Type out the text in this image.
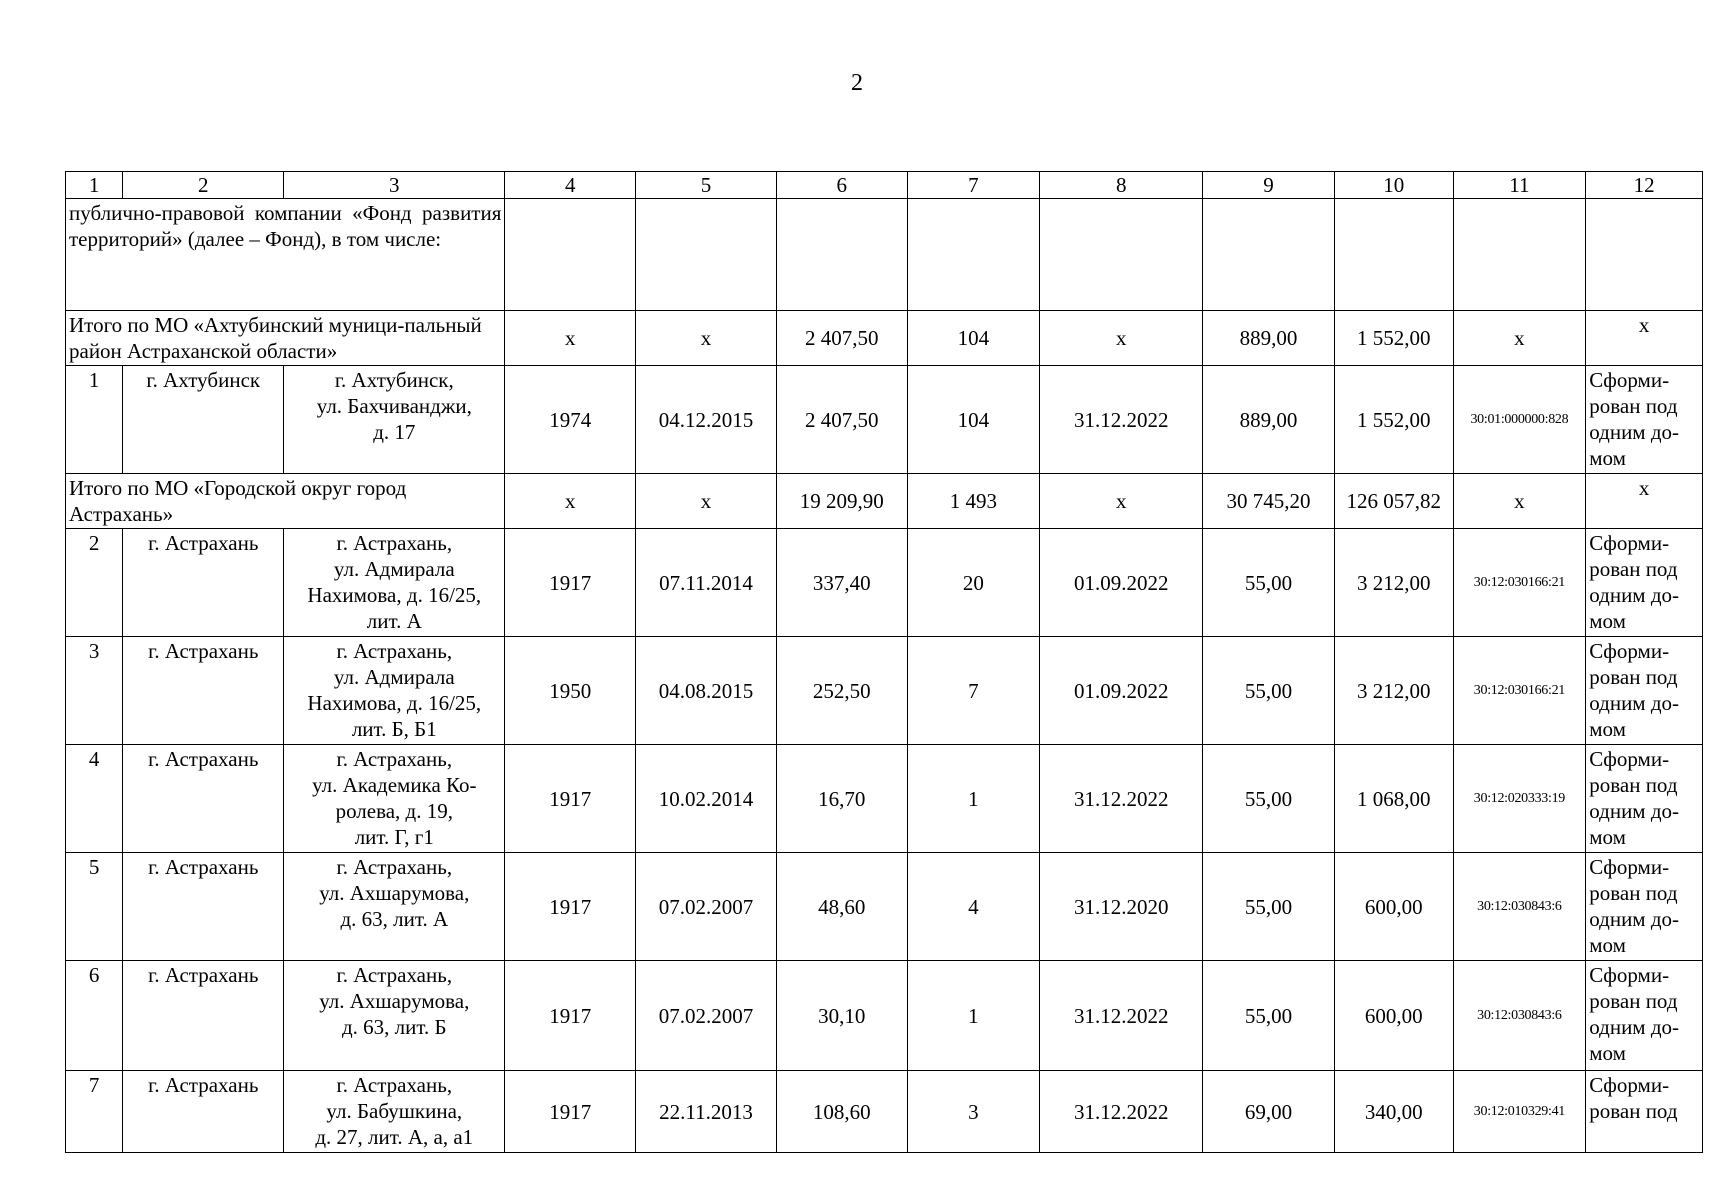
2
1	2	3	4	5	6	7	8	9	10	11	12
публично-правовой компании «Фонд развития территорий» (далее – Фонд), в том числе:											
Итого по МО «Ахтубинский муници-пальный район Астраханской области»			x	x	2 407,50	104	x	889,00	1 552,00	x	x
1	г. Ахтубинск	г. Ахтубинск,
ул. Бахчиванджи,
д. 17	1974	04.12.2015	2 407,50	104	31.12.2022	889,00	1 552,00	30:01:000000:828	Сформи-
рован под
одним до-
мом

Итого по МО «Городской округ город Астрахань»			x	x	19 209,90	1 493	x	30 745,20	126 057,82	x	x
2	г. Астрахань	г. Астрахань,
ул. Адмирала
Нахимова, д. 16/25,
лит. А	1917	07.11.2014	337,40	20	01.09.2022	55,00	3 212,00	30:12:030166:21	Сформи-
рован под
одним до-
мом

3	г. Астрахань	г. Астрахань,
ул. Адмирала
Нахимова, д. 16/25,
лит. Б, Б1	1950	04.08.2015	252,50	7	01.09.2022	55,00	3 212,00	30:12:030166:21	Сформи-
рован под
одним до-
мом

4	г. Астрахань	г. Астрахань,
ул. Академика Ко-
ролева, д. 19,
лит. Г, г1	1917	10.02.2014	16,70	1	31.12.2022	55,00	1 068,00	30:12:020333:19	Сформи-
рован под
одним до-
мом

5	г. Астрахань	г. Астрахань,
ул. Ахшарумова,
д. 63, лит. А	1917	07.02.2007	48,60	4	31.12.2020	55,00	600,00	30:12:030843:6	Сформи-
рован под
одним до-
мом

6	г. Астрахань	г. Астрахань,
ул. Ахшарумова,
д. 63, лит. Б	1917	07.02.2007	30,10	1	31.12.2022	55,00	600,00	30:12:030843:6	Сформи-
рован под
одним до-
мом

7	г. Астрахань	г. Астрахань,
ул. Бабушкина,
д. 27, лит. А, а, а1	1917	22.11.2013	108,60	3	31.12.2022	69,00	340,00	30:12:010329:41	Сформи-
рован под
